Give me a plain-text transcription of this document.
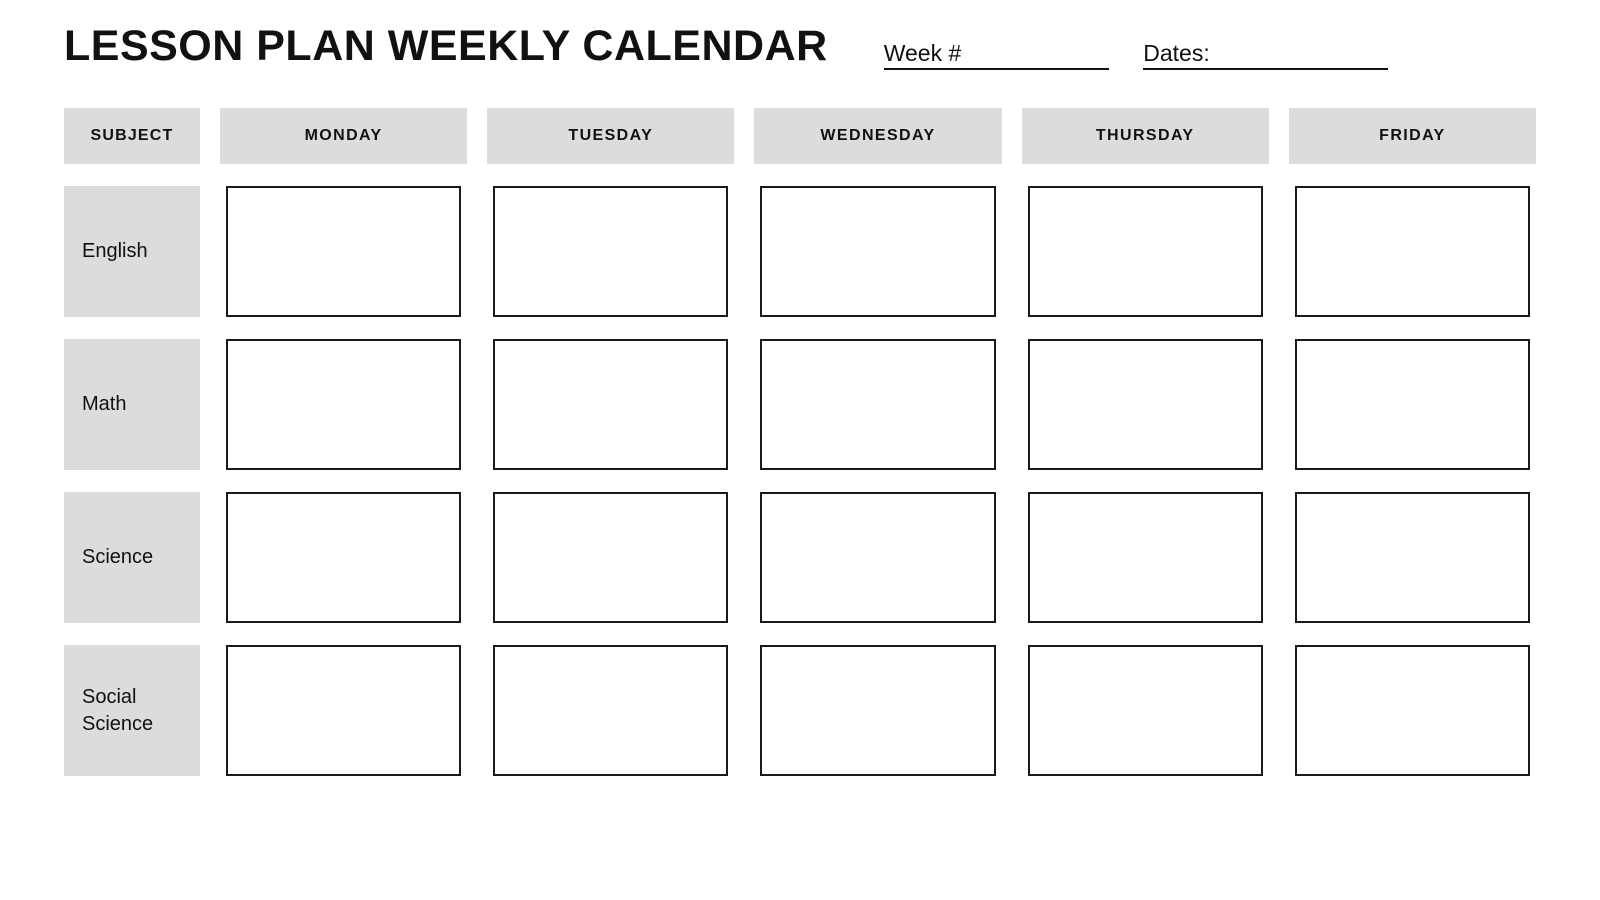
LESSON PLAN WEEKLY CALENDAR Week #	Dates:
SUBJECT	MONDAY	TUESDAY	WEDNESDAY	THURSDAY	FRIDAY
English
Math
Science
Social Science
